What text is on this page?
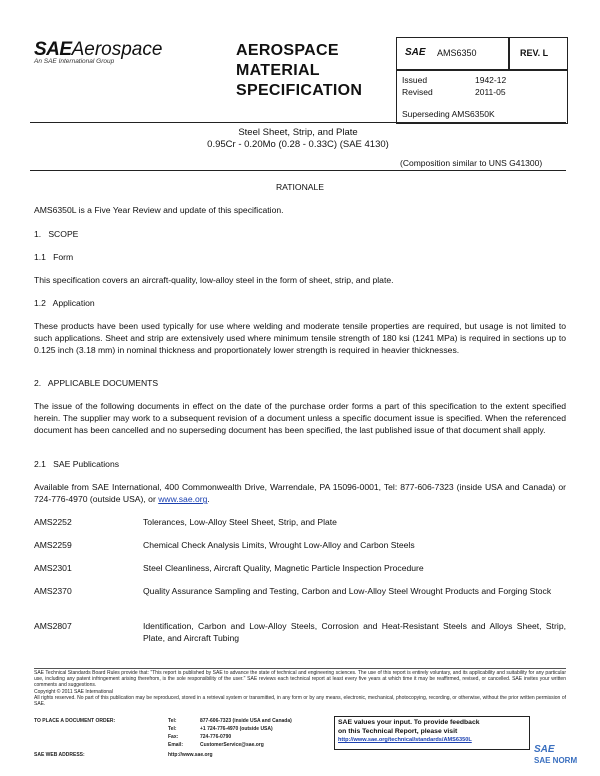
SAEAerospace
An SAE International Group
AEROSPACE
MATERIAL
SPECIFICATION
SAE AMS6350	REV. L
Issued	1942-12
Revised	2011-05
Superseding AMS6350K
Steel Sheet, Strip, and Plate
0.95Cr - 0.20Mo (0.28 - 0.33C) (SAE 4130)
(Composition similar to UNS G41300)
RATIONALE
AMS6350L is a Five Year Review and update of this specification.
1.   SCOPE
1.1   Form
This specification covers an aircraft-quality, low-alloy steel in the form of sheet, strip, and plate.
1.2   Application
These products have been used typically for use where welding and moderate tensile properties are required, but usage is not limited to such applications. Sheet and strip are extensively used where minimum tensile strength of 180 ksi (1241 MPa) is required in sections up to 0.125 inch (3.18 mm) in nominal thickness and proportionately lower strength is required in heavier thicknesses.
2.   APPLICABLE DOCUMENTS
The issue of the following documents in effect on the date of the purchase order forms a part of this specification to the extent specified herein. The supplier may work to a subsequent revision of a document unless a specific document issue is specified. When the referenced document has been cancelled and no superseding document has been specified, the last published issue of that document shall apply.
2.1   SAE Publications
Available from SAE International, 400 Commonwealth Drive, Warrendale, PA 15096-0001, Tel: 877-606-7323 (inside USA and Canada) or 724-776-4970 (outside USA), or www.sae.org.
AMS2252	Tolerances, Low-Alloy Steel Sheet, Strip, and Plate
AMS2259	Chemical Check Analysis Limits, Wrought Low-Alloy and Carbon Steels
AMS2301	Steel Cleanliness, Aircraft Quality, Magnetic Particle Inspection Procedure
AMS2370	Quality Assurance Sampling and Testing, Carbon and Low-Alloy Steel Wrought Products and Forging Stock
AMS2807	Identification, Carbon and Low-Alloy Steels, Corrosion and Heat-Resistant Steels and Alloys Sheet, Strip, Plate, and Aircraft Tubing
SAE Technical Standards Board Rules provide that: "This report is published by SAE to advance the state of technical and engineering sciences. The use of this report is entirely voluntary, and its applicability and suitability for any particular use, including any patent infringement arising therefrom, is the sole responsibility of the user." SAE reviews each technical report at least every five years at which time it may be reaffirmed, revised, or cancelled. SAE invites your written comments and suggestions.
Copyright © 2011 SAE International
All rights reserved. No part of this publication may be reproduced, stored in a retrieval system or transmitted, in any form or by any means, electronic, mechanical, photocopying, recording, or otherwise, without the prior written permission of SAE.
TO PLACE A DOCUMENT ORDER:	Tel:	877-606-7323 (inside USA and Canada)
Tel:	+1 724-776-4970 (outside USA)
Fax:	724-776-0790
Email:	CustomerService@sae.org
SAE WEB ADDRESS:	http://www.sae.org
SAE values your input. To provide feedback
on this Technical Report, please visit
http://www.sae.org/technical/standards/AMS6350L
SAE
SAE NORM
